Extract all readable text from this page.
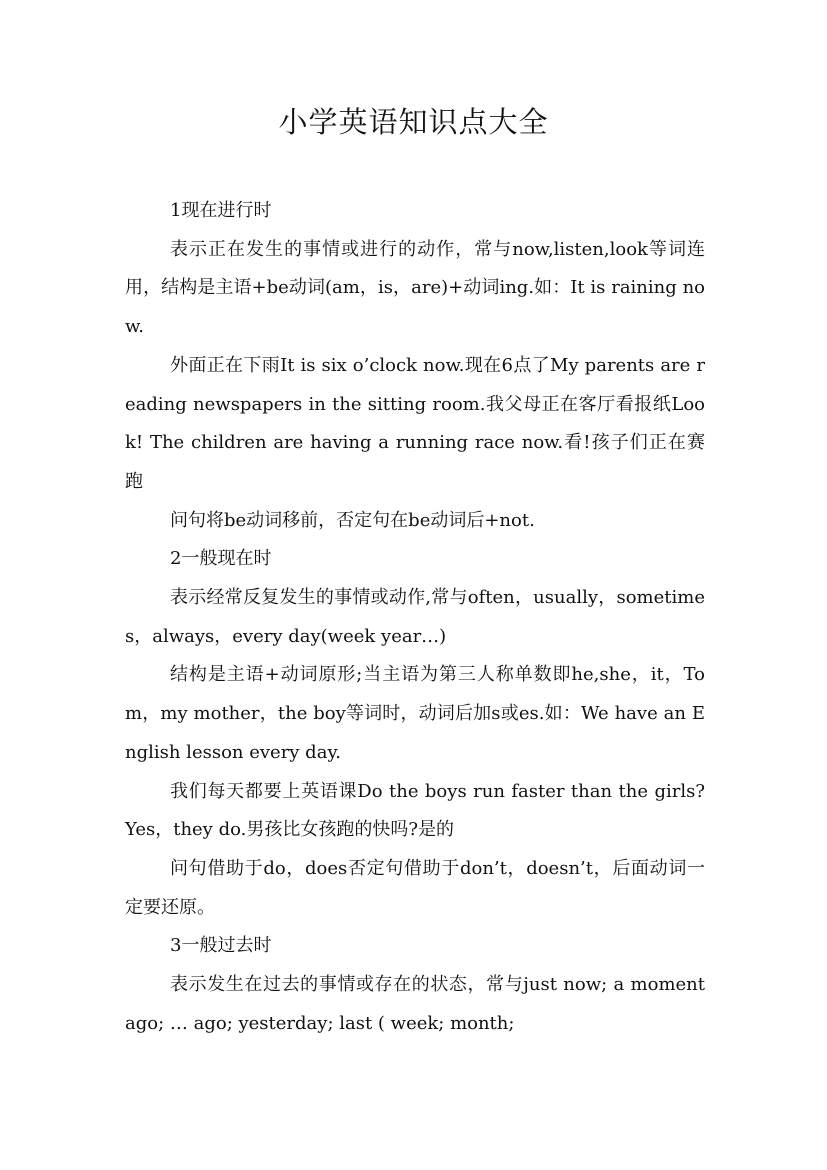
小学英语知识点大全

1现在进行时

表示正在发生的事情或进行的动作，常与now,listen,look等词连用，结构是主语+be动词(am，is，are)+动词ing.如：It is raining now.

外面正在下雨It is six o’clock now.现在6点了My parents are reading newspapers in the sitting room.我父母正在客厅看报纸Look! The children are having a running race now.看!孩子们正在赛跑

问句将be动词移前，否定句在be动词后+not.

2一般现在时

表示经常反复发生的事情或动作,常与often，usually，sometimes，always，every day(week year…)

结构是主语+动词原形;当主语为第三人称单数即he,she，it，Tom，my mother，the boy等词时，动词后加s或es.如：We have an English lesson every day.

我们每天都要上英语课Do the boys run faster than the girls? Yes，they do.男孩比女孩跑的快吗?是的

问句借助于do，does否定句借助于don’t，doesn’t，后面动词一定要还原。

3一般过去时

表示发生在过去的事情或存在的状态，常与just now; a moment ago; … ago; yesterday; last ( week; month;
